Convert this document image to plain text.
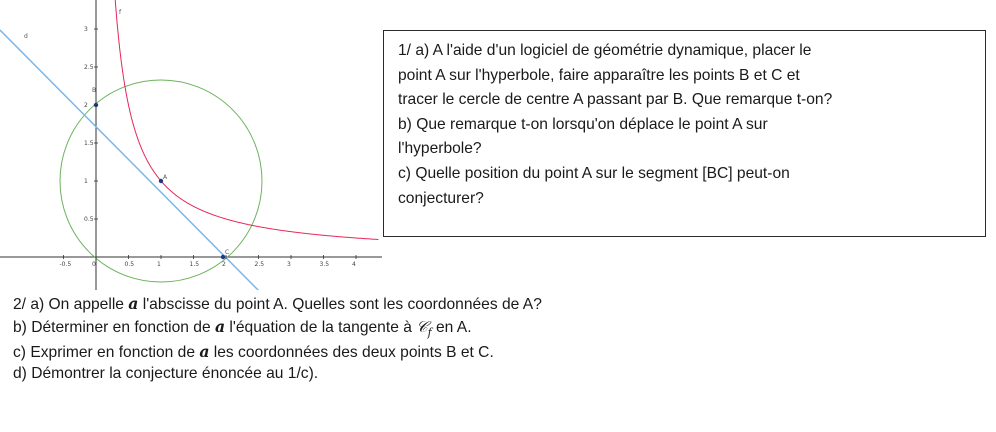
A
B
C
f
d
-0.5	0	0.5	1	1.5	2	2.5	3	3.5	4
0.5
1
1.5
2
2.5
3
1/ a) A l'aide d'un logiciel de géométrie dynamique, placer le
point A sur l'hyperbole, faire apparaître les points B et C et
tracer le cercle de centre A passant par B. Que remarque t-on?
b) Que remarque t-on lorsqu'on déplace le point A sur
l'hyperbole?
c) Quelle position du point A sur le segment [BC] peut-on
conjecturer?
2/ a) On appelle a l'abscisse du point A. Quelles sont les coordonnées de A?
b) Déterminer en fonction de a l'équation de la tangente à 𝒞$_f$ en A.
c) Exprimer en fonction de a les coordonnées des deux points B et C.
d) Démontrer la conjecture énoncée au 1/c).
